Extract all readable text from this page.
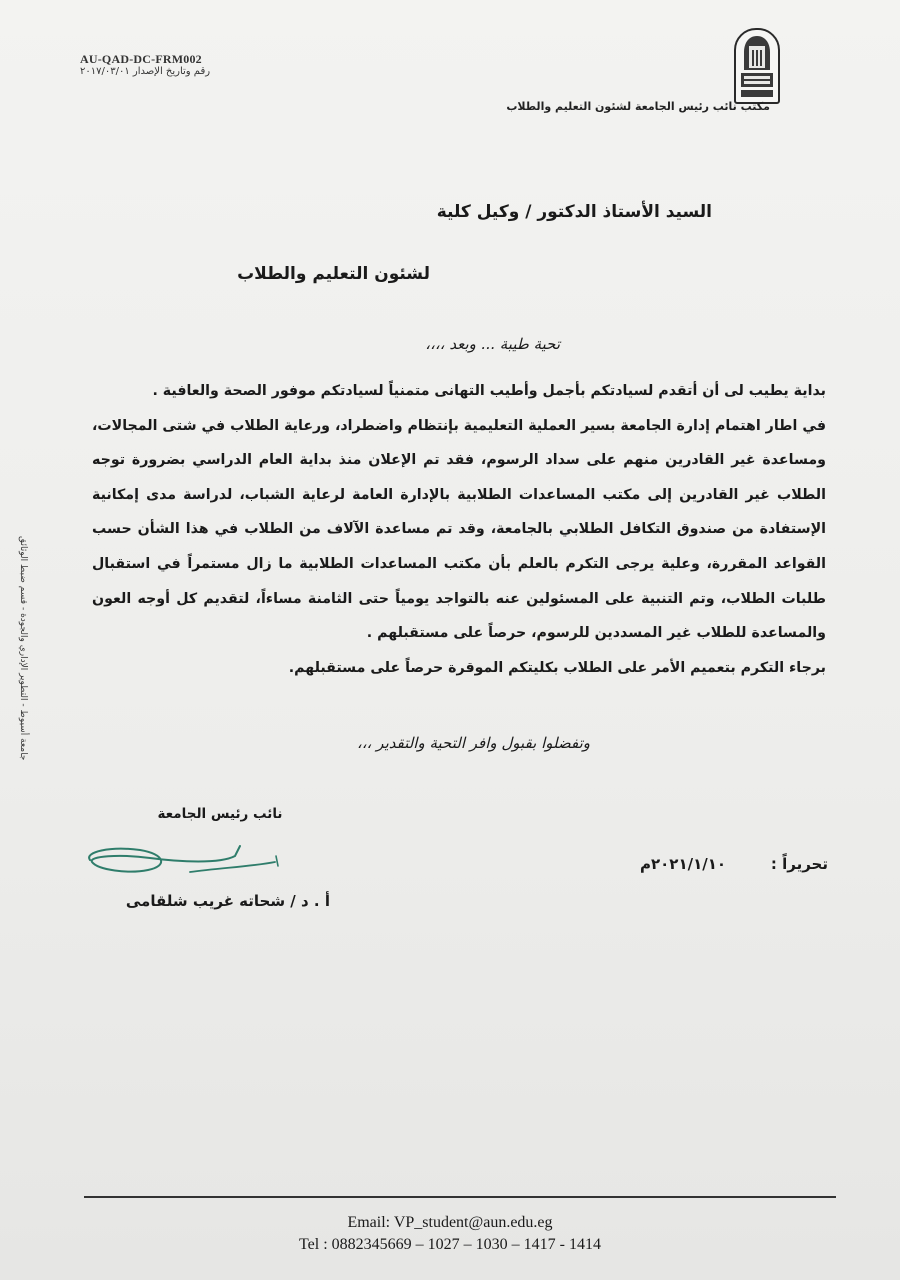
AU-QAD-DC-FRM002
رقم وتاريخ الإصدار ٢٠١٧/٠٣/٠١
مكتب نائب رئيس الجامعة لشئون التعليم والطلاب
السيد الأستاذ الدكتور / وكيل كلية
لشئون التعليم والطلاب
تحية طيبة ... وبعد ،،،،

بداية يطيب لى أن أتقدم لسيادتكم بأجمل وأطيب التهانى متمنياً لسيادتكم موفور الصحة والعافية .

في اطار اهتمام إدارة الجامعة بسير العملية التعليمية بإنتظام واضطراد، ورعاية الطلاب في شتى المجالات، ومساعدة غير القادرين منهم على سداد الرسوم، فقد تم الإعلان منذ بداية العام الدراسي بضرورة توجه الطلاب غير القادرين إلى مكتب المساعدات الطلابية بالإدارة العامة لرعاية الشباب، لدراسة مدى إمكانية الإستفادة من صندوق التكافل الطلابي بالجامعة، وقد تم مساعدة الآلاف من الطلاب في هذا الشأن حسب القواعد المقررة، وعلية يرجى التكرم بالعلم بأن مكتب المساعدات الطلابية ما زال مستمراً في استقبال طلبات الطلاب، وتم التنبية على المسئولين عنه بالتواجد يومياً حتى الثامنة مساءاً، لتقديم كل أوجه العون والمساعدة للطلاب غير المسددين للرسوم، حرصاً على مستقبلهم .

برجاء التكرم بتعميم الأمر على الطلاب بكليتكم الموقرة حرصاً على مستقبلهم.

وتفضلوا بقبول وافر التحية والتقدير ،،،
نائب رئيس الجامعة
أ . د / شحاته غريب شلقامى
تحريراً :
٢٠٢١/١/١٠م
جامعة أسيوط - التطوير الإداري والجودة - قسم ضبط الوثائق
Email: VP_student@aun.edu.eg
Tel : 0882345669 – 1027 – 1030 – 1417 - 1414
